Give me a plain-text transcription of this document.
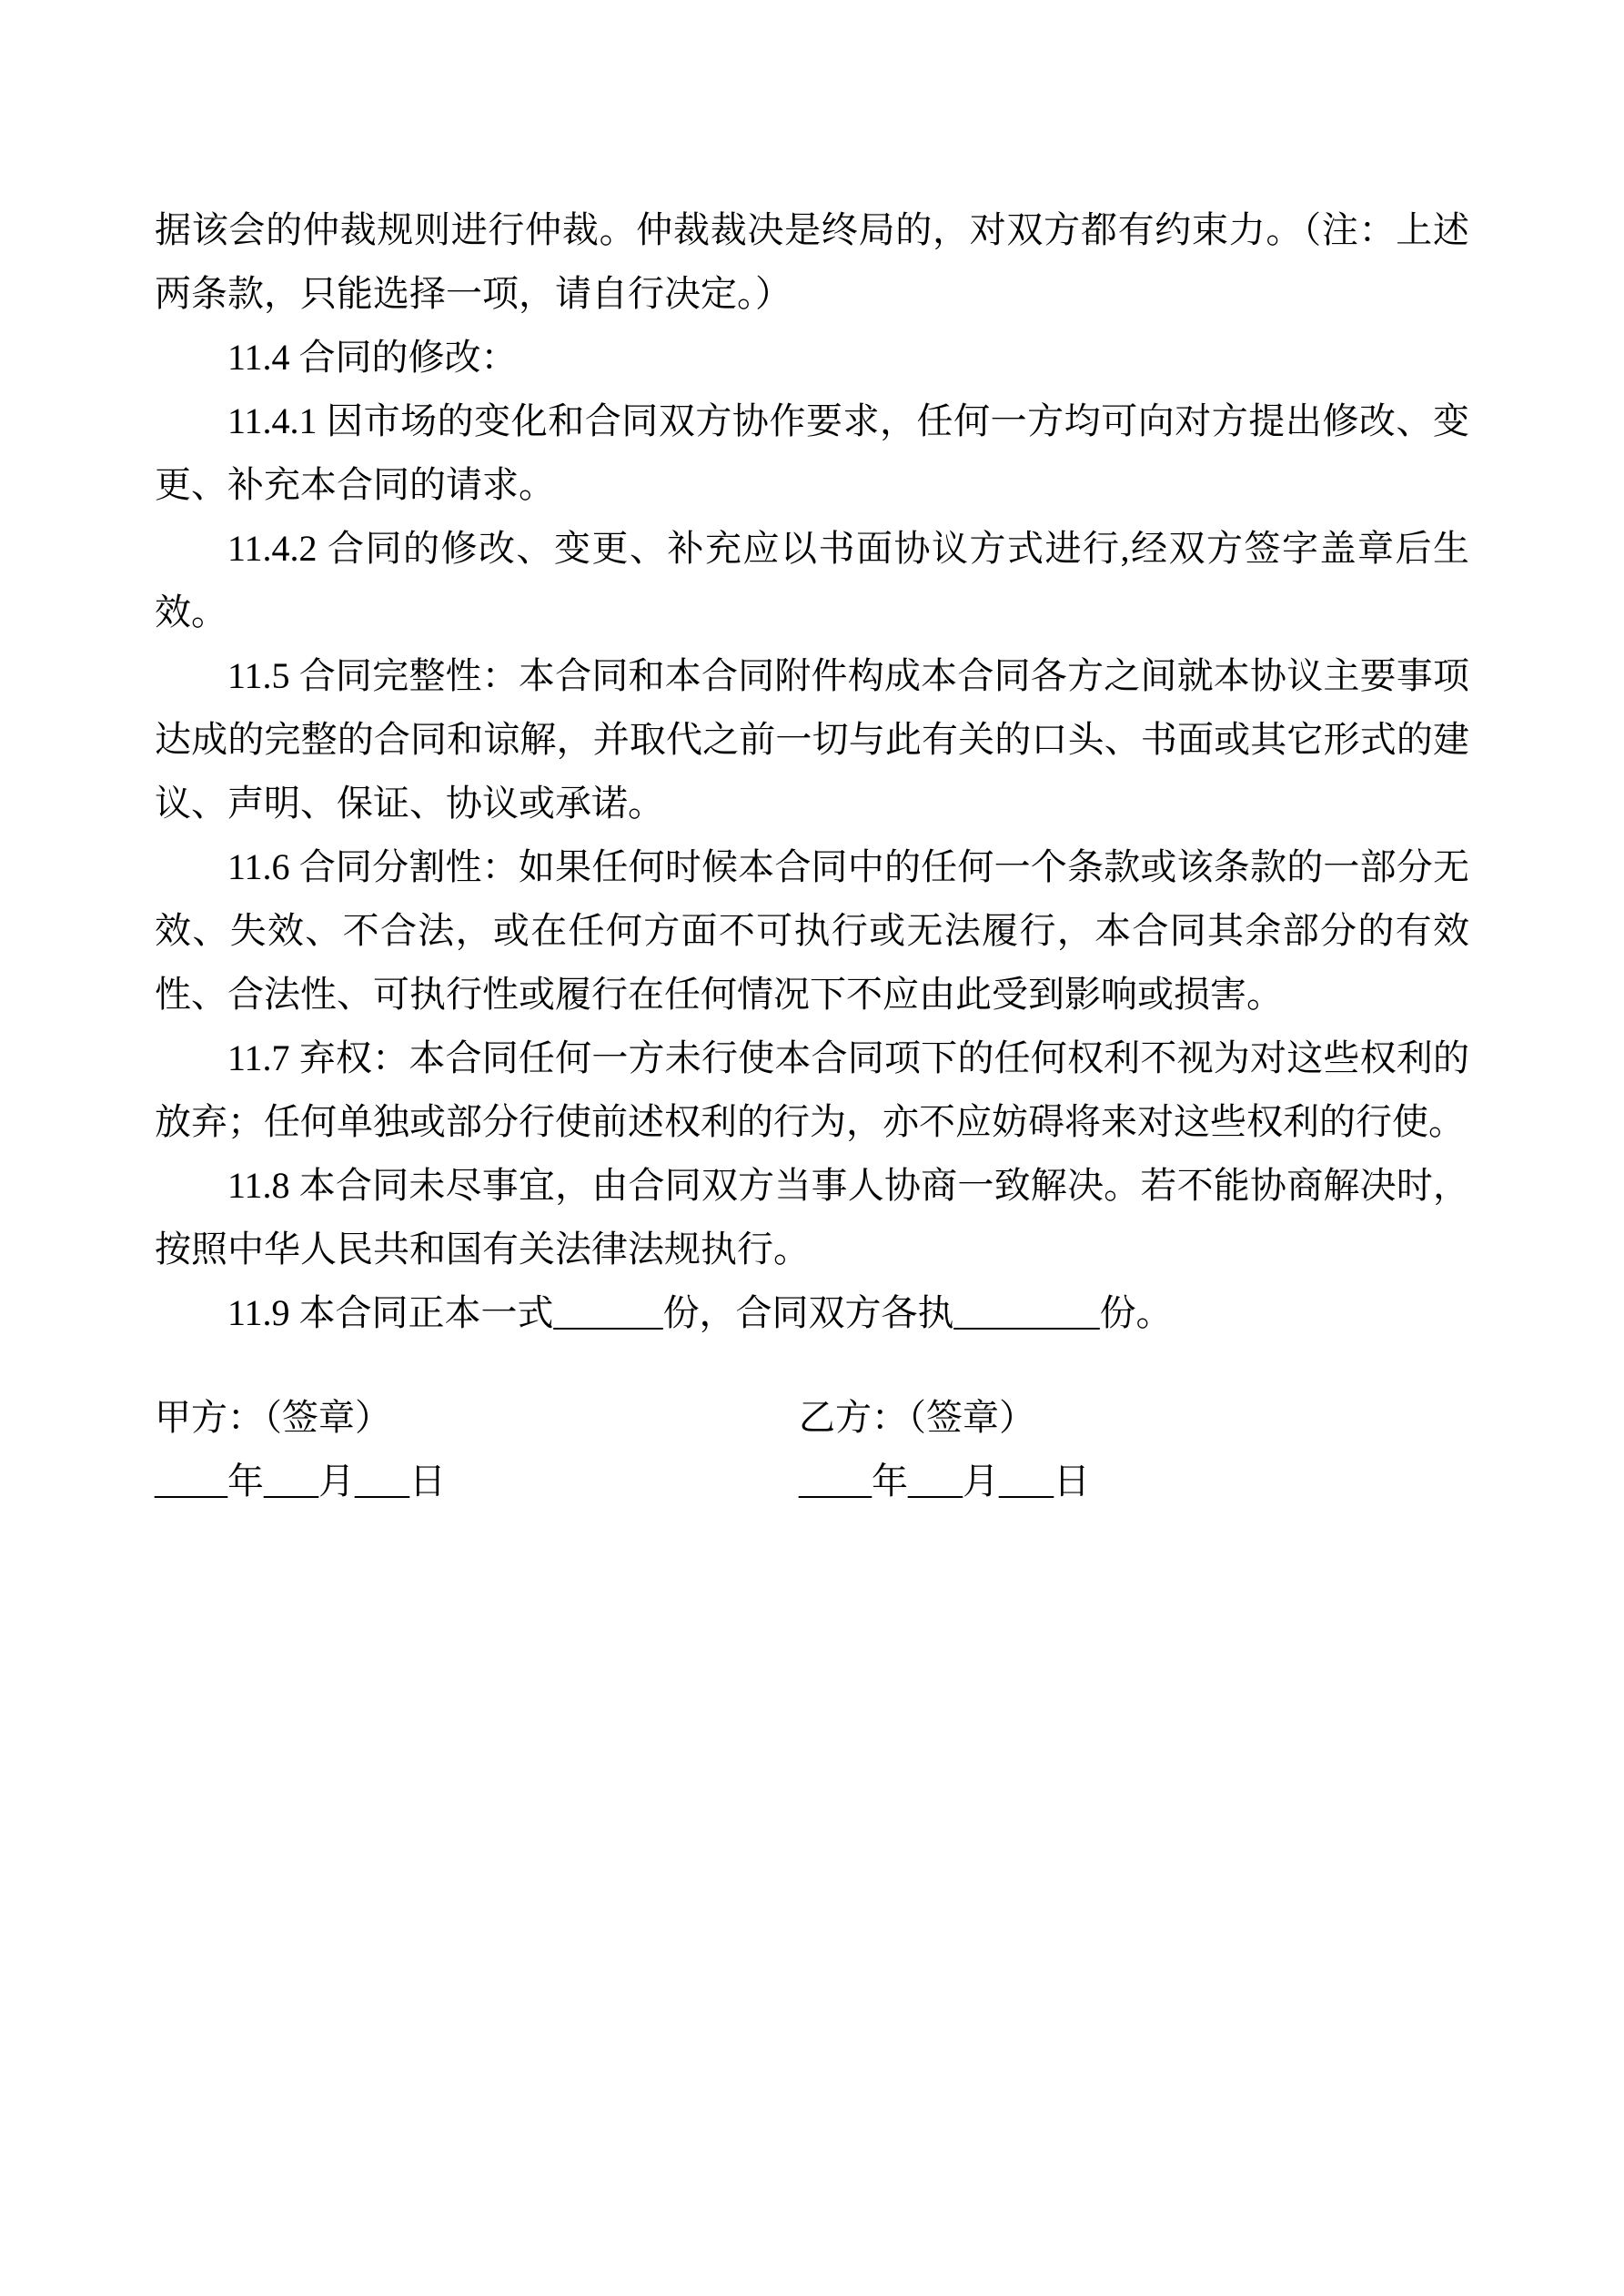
据该会的仲裁规则进行仲裁。仲裁裁决是终局的，对双方都有约束力。（注：上述两条款，只能选择一项，请自行决定。）

11.4 合同的修改：

11.4.1 因市场的变化和合同双方协作要求，任何一方均可向对方提出修改、变更、补充本合同的请求。

11.4.2 合同的修改、变更、补充应以书面协议方式进行,经双方签字盖章后生效。

11.5 合同完整性：本合同和本合同附件构成本合同各方之间就本协议主要事项达成的完整的合同和谅解，并取代之前一切与此有关的口头、书面或其它形式的建议、声明、保证、协议或承诺。

11.6 合同分割性：如果任何时候本合同中的任何一个条款或该条款的一部分无效、失效、不合法，或在任何方面不可执行或无法履行，本合同其余部分的有效性、合法性、可执行性或履行在任何情况下不应由此受到影响或损害。

11.7 弃权：本合同任何一方未行使本合同项下的任何权利不视为对这些权利的放弃；任何单独或部分行使前述权利的行为，亦不应妨碍将来对这些权利的行使。

11.8 本合同未尽事宜，由合同双方当事人协商一致解决。若不能协商解决时，按照中华人民共和国有关法律法规执行。

11.9 本合同正本一式______份，合同双方各执________份。

甲方：（签章）
____年___月___日
乙方：（签章）
____年___月___日
